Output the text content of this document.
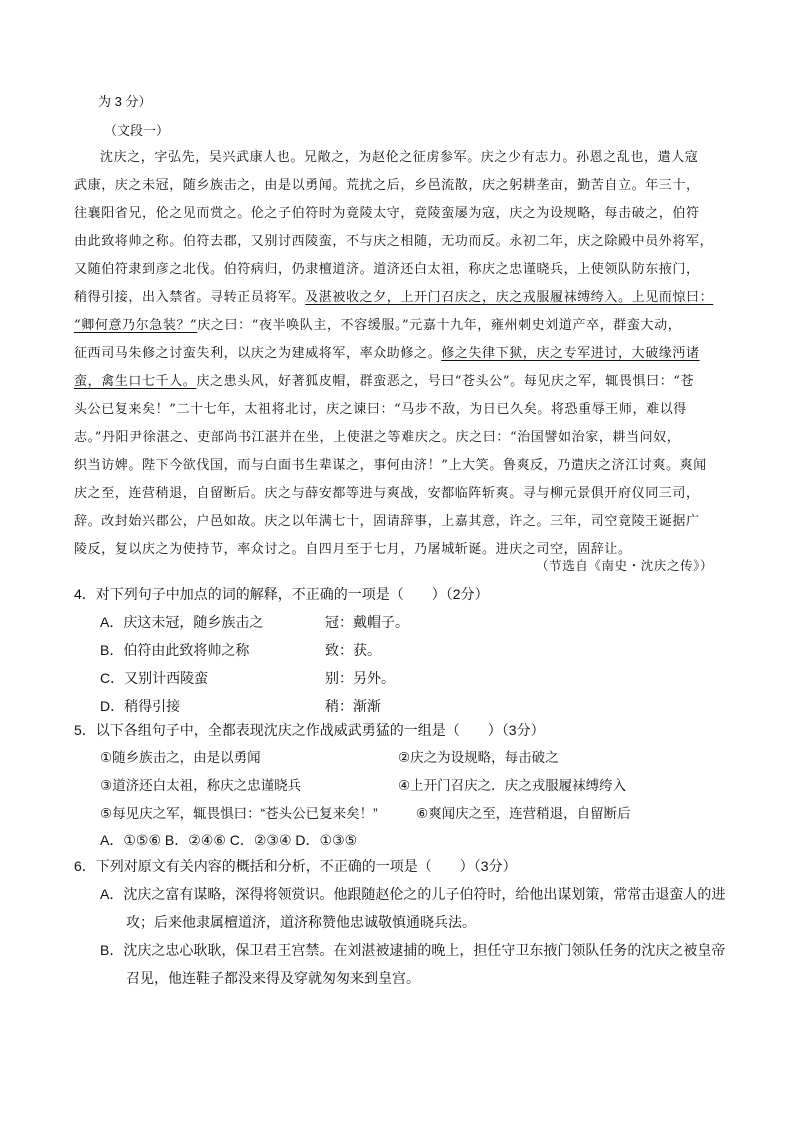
为 3 分）
（文段一）
沈庆之，字弘先，吴兴武康人也。兄敞之，为赵伦之征虏参军。庆之少有志力。孙恩之乱也，遣人寇
武康，庆之未冠，随乡族击之，由是以勇闻。荒扰之后，乡邑流散，庆之躬耕垄亩，勤苦自立。年三十，
往襄阳省兄，伦之见而赏之。伦之子伯符时为竟陵太守，竟陵蛮屡为寇，庆之为设规略，每击破之，伯符
由此致将帅之称。伯符去郡，又别讨西陵蛮，不与庆之相随，无功而反。永初二年，庆之除殿中员外将军，
又随伯符隶到彦之北伐。伯符病归，仍隶檀道济。道济还白太祖，称庆之忠谨晓兵，上使领队防东掖门，
稍得引接，出入禁省。寻转正员将军。及湛被收之夕，上开门召庆之，庆之戎服履袜缚绔入。上见而惊曰：
“卿何意乃尔急装？”庆之曰：“夜半唤队主，不容缓服。”元嘉十九年，雍州刺史刘道产卒，群蛮大动，
征西司马朱修之讨蛮失利，以庆之为建威将军，率众助修之。修之失律下狱，庆之专军进讨，大破缘沔诸
蛮，禽生口七千人。庆之患头风，好著狐皮帽，群蛮恶之，号曰“苍头公”。每见庆之军，辄畏惧曰：“苍
头公已复来矣！”二十七年，太祖将北讨，庆之谏曰：“马步不敌，为日已久矣。将恐重辱王师，难以得
志。”丹阳尹徐湛之、吏部尚书江湛并在坐，上使湛之等难庆之。庆之曰：“治国譬如治家，耕当问奴，
织当访婢。陛下今欲伐国，而与白面书生辈谋之，事何由济！”上大笑。鲁爽反，乃遣庆之济江讨爽。爽闻
庆之至，连营稍退，自留断后。庆之与薛安都等进与爽战，安都临阵斩爽。寻与柳元景俱开府仪同三司，
辞。改封始兴郡公，户邑如故。庆之以年满七十，固请辞事，上嘉其意，许之。三年，司空竟陵王诞据广
陵反，复以庆之为使持节，率众讨之。自四月至于七月，乃屠城斩诞。进庆之司空，固辞让。
（节选自《南史・沈庆之传》）
4．对下列句子中加点的词的解释，不正确的一项是（　　）（2分）
A．庆这未冠，随乡族击之	冠：戴帽子。
B．伯符由此致将帅之称	致：获。
C．又别计西陵蛮	别：另外。
D．稍得引接	稍：渐渐
5．以下各组句子中，全都表现沈庆之作战威武勇猛的一组是（　　）（3分）
①随乡族击之，由是以勇闻	②庆之为设规略，每击破之
③道济还白太祖，称庆之忠谨晓兵	④上开门召庆之．庆之戎服履袜缚绔入
⑤每见庆之军，辄畏惧曰：“苍头公已复来矣！”	⑥爽闻庆之至，连营稍退，自留断后
A．①⑤⑥ B．②④⑥ C．②③④ D．①③⑤
6．下列对原文有关内容的概括和分析，不正确的一项是（　　）（3分）
A．沈庆之富有谋略，深得将领赏识。他跟随赵伦之的儿子伯符时，给他出谋划策，常常击退蛮人的进
攻；后来他隶属檀道济，道济称赞他忠诚敬慎通晓兵法。
B．沈庆之忠心耿耿，保卫君王宫禁。在刘湛被逮捕的晚上，担任守卫东掖门领队任务的沈庆之被皇帝
召见，他连鞋子都没来得及穿就匆匆来到皇宫。
